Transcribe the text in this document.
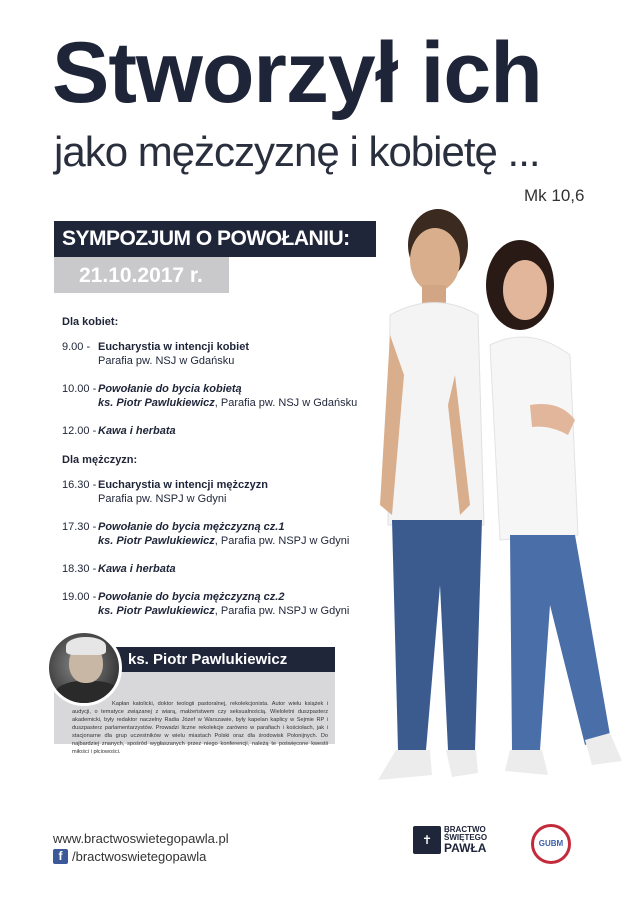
Stworzył ich
jako mężczyznę i kobietę ...
Mk 10,6
SYMPOZJUM O POWOŁANIU:
21.10.2017 r.
Dla kobiet:
9.00 - Eucharystia w intencji kobiet
Parafia pw. NSJ w Gdańsku
10.00 - Powołanie do bycia kobietą
ks. Piotr Pawlukiewicz, Parafia pw. NSJ w Gdańsku
12.00 - Kawa i herbata
Dla mężczyzn:
16.30 - Eucharystia w intencji mężczyzn
Parafia pw. NSPJ w Gdyni
17.30 - Powołanie do bycia mężczyzną cz.1
ks. Piotr Pawlukiewicz, Parafia pw. NSPJ w Gdyni
18.30 - Kawa i herbata
19.00 - Powołanie do bycia mężczyzną cz.2
ks. Piotr Pawlukiewicz, Parafia pw. NSPJ w Gdyni
ks. Piotr Pawlukiewicz
Kapłan katolicki, doktor teologii pastoralnej, rekolekcjonista. Autor wielu książek i audycji, o tematyce związanej z wiarą, małżeństwem czy seksualnością. Wieloletni duszpasterz akademicki, były redaktor naczelny Radia Józef w Warszawie, były kapelan kaplicy w Sejmie RP i duszpasterz parlamentarzystów. Prowadzi liczne rekolekcje zarówno w parafiach i kościołach, jak i stacjonarne dla grup uczestników w wielu miastach Polski oraz dla środowisk Polonijnych. Do najbardziej znanych, spośród wygłaszanych przez niego konferencji, należą te poświęcone kwestii miłości i płciowości.
www.bractwoswietegopawla.pl
f /bractwoswietegopawla
✝
BRACTWO
ŚWIĘTEGO
PAWŁA	GUBM
